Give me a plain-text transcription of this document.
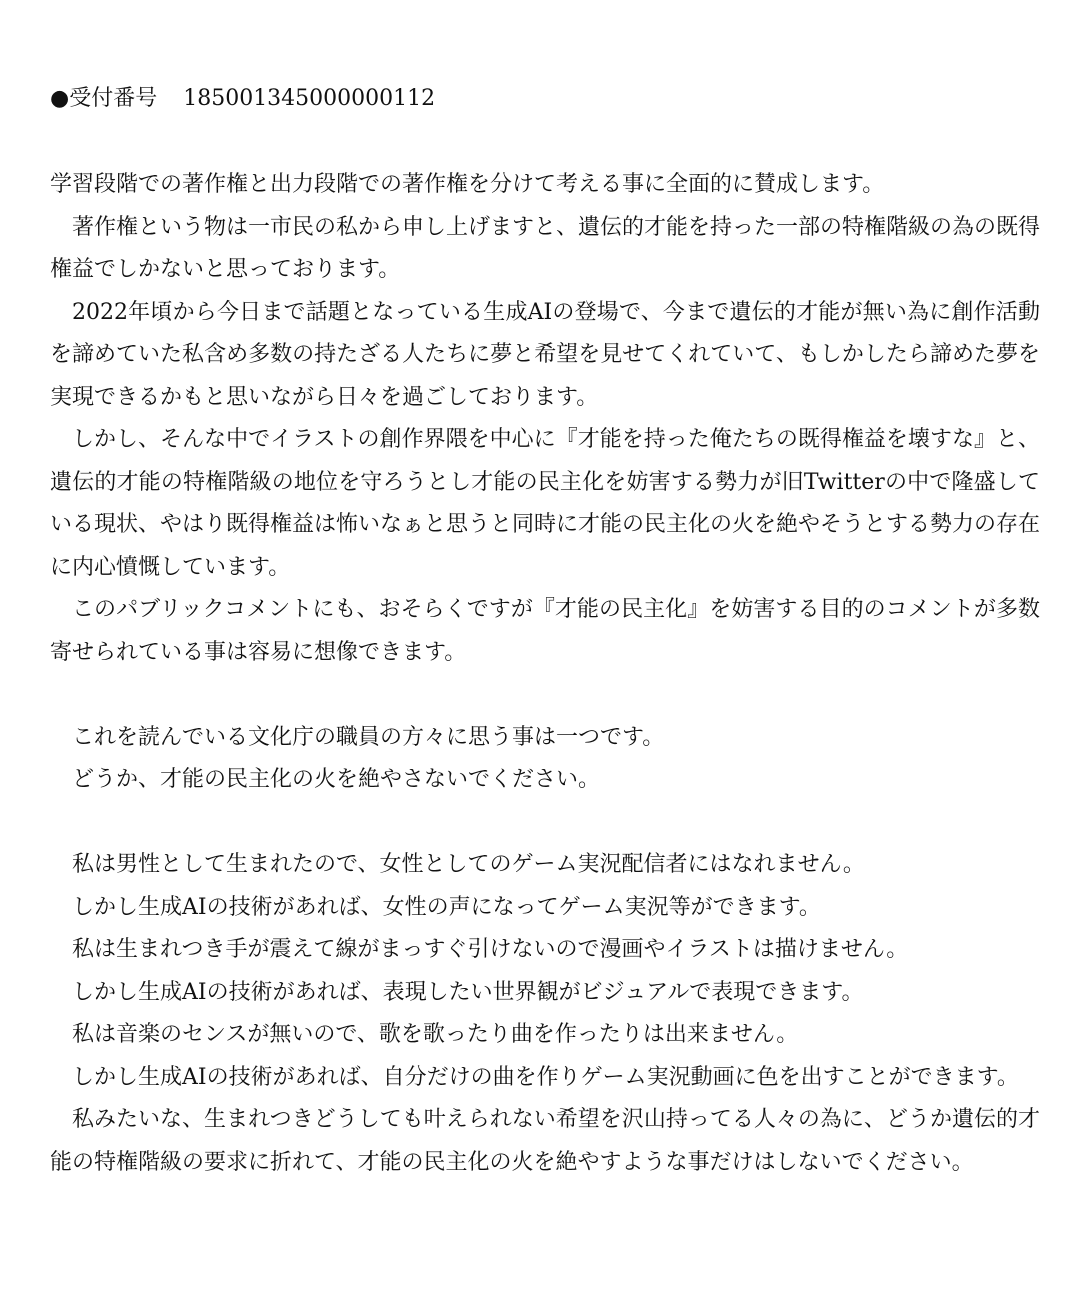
●受付番号 185001345000000112

学習段階での著作権と出力段階での著作権を分けて考える事に全面的に賛成します。

著作権という物は一市民の私から申し上げますと、遺伝的才能を持った一部の特権階級の為の既得権益でしかないと思っております。

2022年頃から今日まで話題となっている生成AIの登場で、今まで遺伝的才能が無い為に創作活動を諦めていた私含め多数の持たざる人たちに夢と希望を見せてくれていて、もしかしたら諦めた夢を実現できるかもと思いながら日々を過ごしております。

しかし、そんな中でイラストの創作界隈を中心に『才能を持った俺たちの既得権益を壊すな』と、遺伝的才能の特権階級の地位を守ろうとし才能の民主化を妨害する勢力が旧Twitterの中で隆盛している現状、やはり既得権益は怖いなぁと思うと同時に才能の民主化の火を絶やそうとする勢力の存在に内心憤慨しています。

このパブリックコメントにも、おそらくですが『才能の民主化』を妨害する目的のコメントが多数寄せられている事は容易に想像できます。

これを読んでいる文化庁の職員の方々に思う事は一つです。

どうか、才能の民主化の火を絶やさないでください。

私は男性として生まれたので、女性としてのゲーム実況配信者にはなれません。

しかし生成AIの技術があれば、女性の声になってゲーム実況等ができます。

私は生まれつき手が震えて線がまっすぐ引けないので漫画やイラストは描けません。

しかし生成AIの技術があれば、表現したい世界観がビジュアルで表現できます。

私は音楽のセンスが無いので、歌を歌ったり曲を作ったりは出来ません。

しかし生成AIの技術があれば、自分だけの曲を作りゲーム実況動画に色を出すことができます。

私みたいな、生まれつきどうしても叶えられない希望を沢山持ってる人々の為に、どうか遺伝的才能の特権階級の要求に折れて、才能の民主化の火を絶やすような事だけはしないでください。
